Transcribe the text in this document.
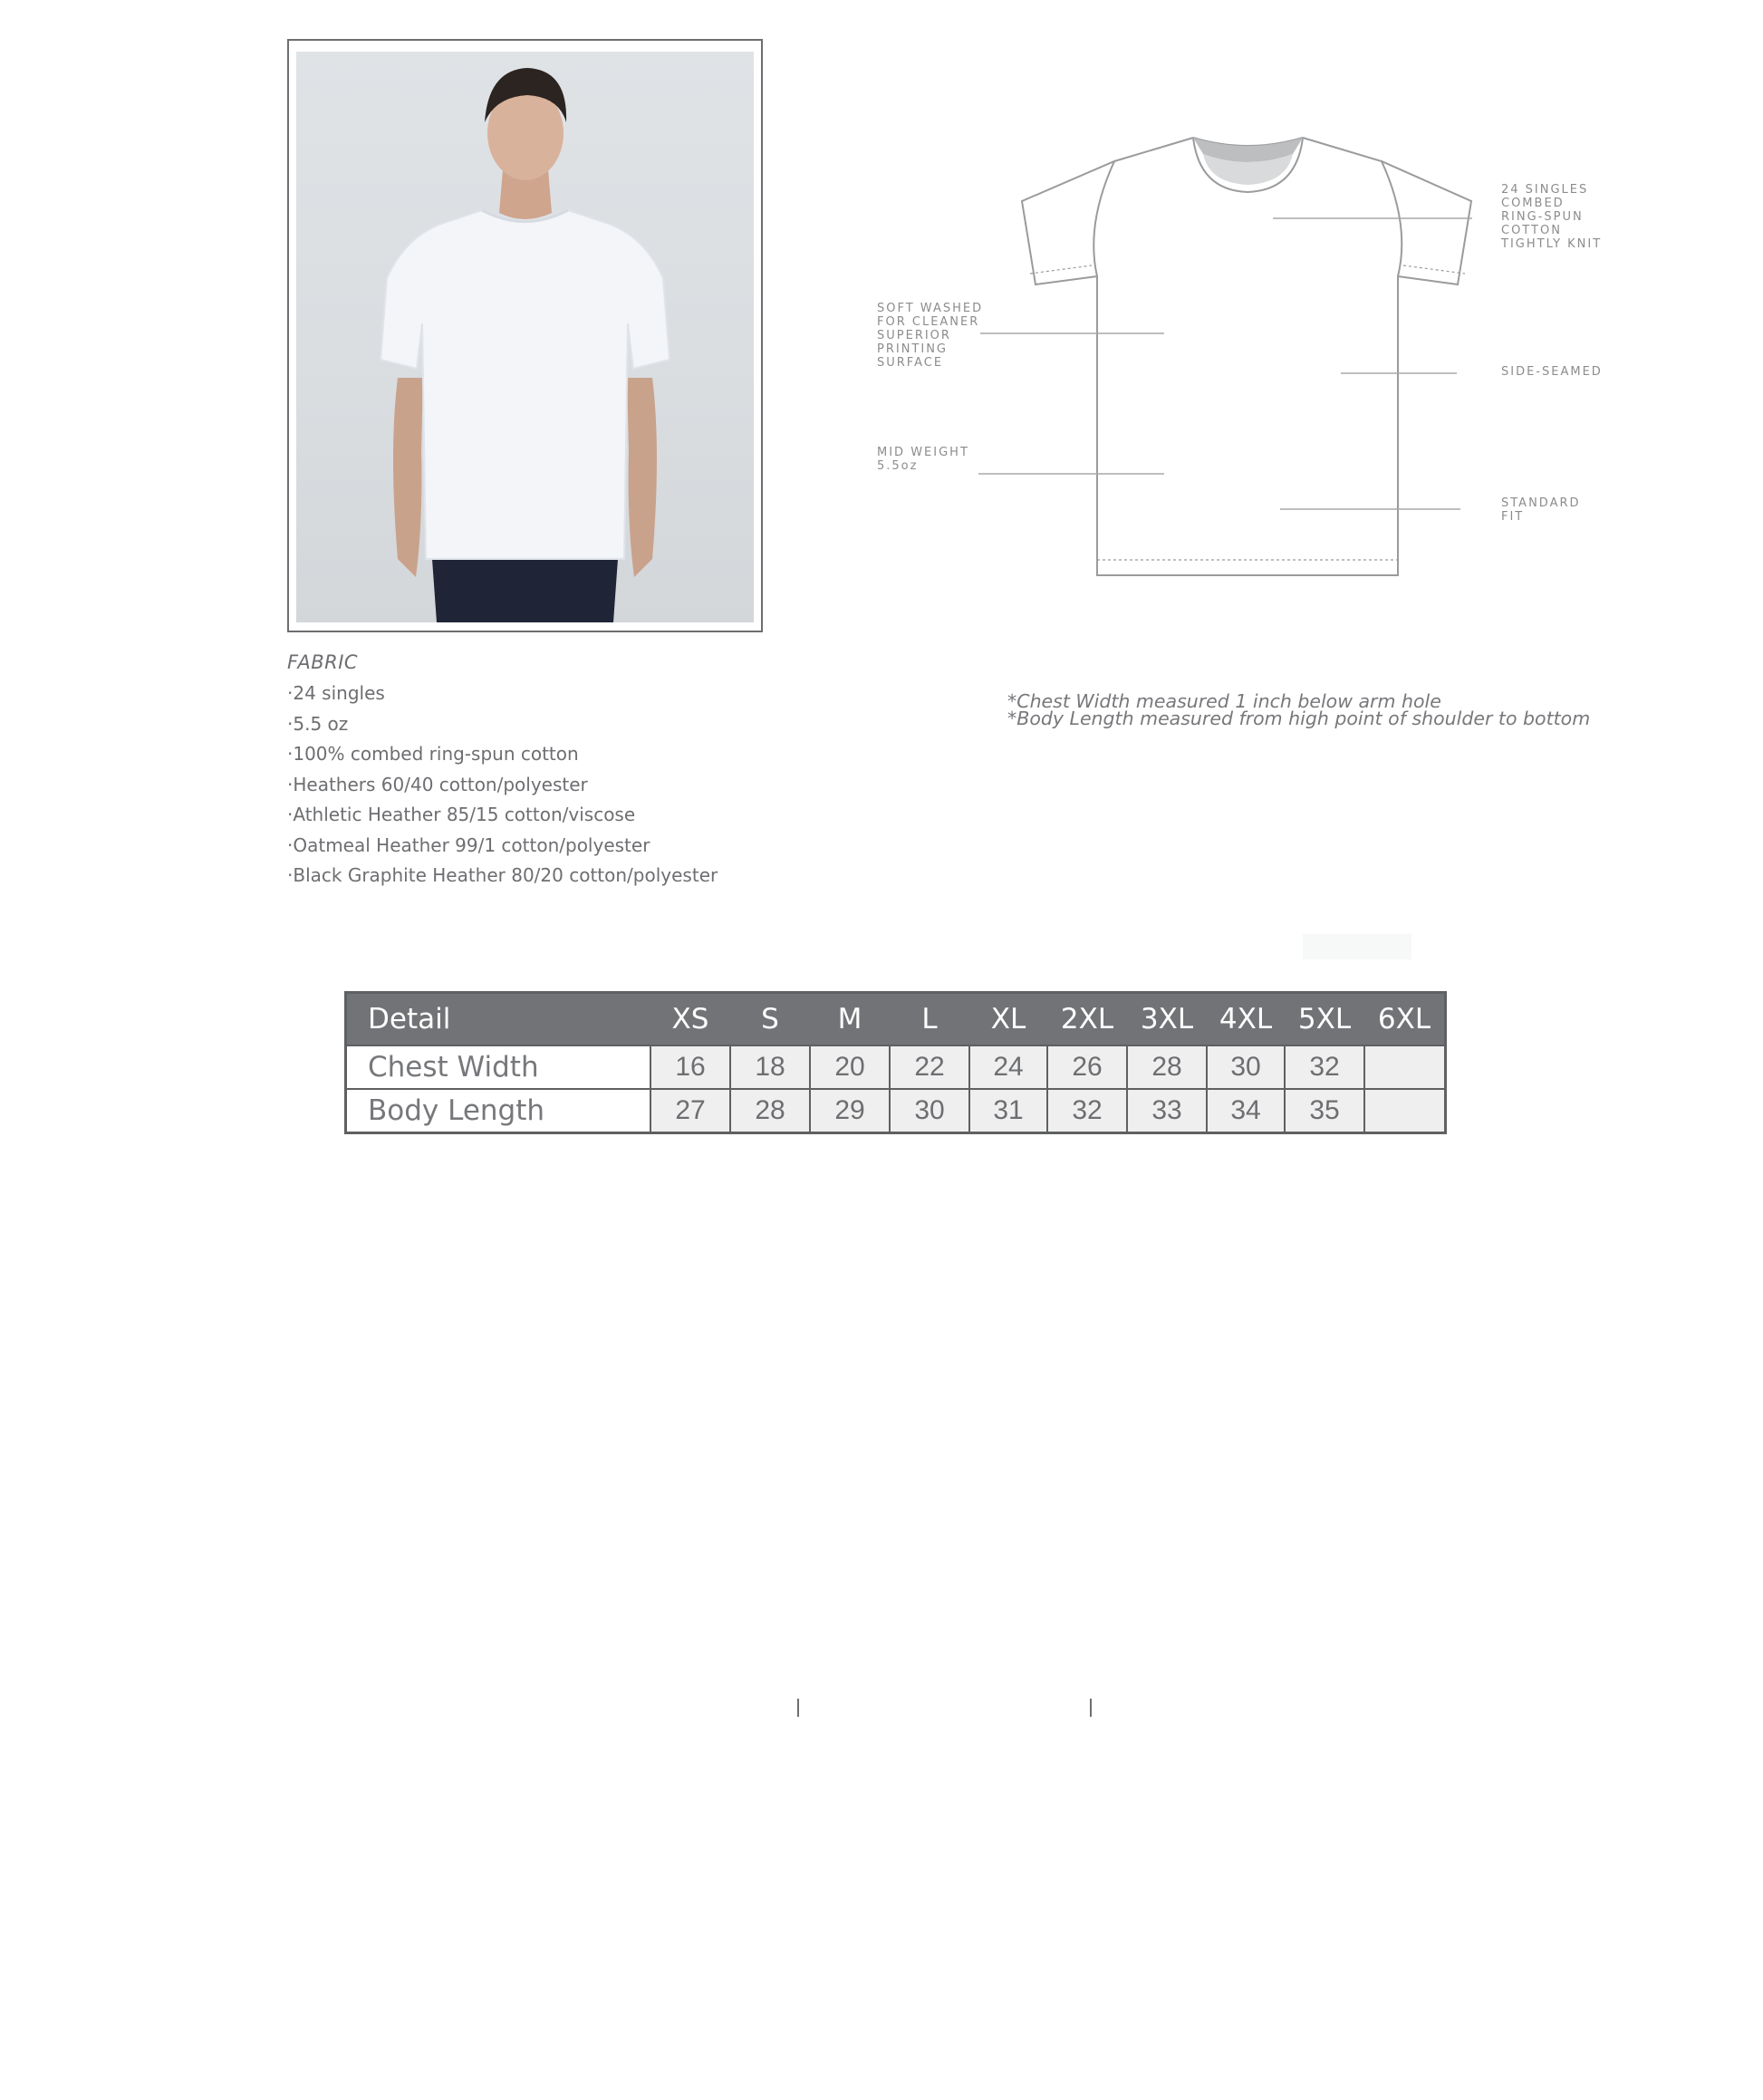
FABRIC

·24 singles
·5.5 oz
·100% combed ring-spun cotton
·Heathers 60/40 cotton/polyester
·Athletic Heather 85/15 cotton/viscose
·Oatmeal Heather 99/1 cotton/polyester
·Black Graphite Heather 80/20 cotton/polyester
24 SINGLES
COMBED
RING-SPUN
COTTON
TIGHTLY KNIT
SOFT WASHED
FOR CLEANER
SUPERIOR
PRINTING
SURFACE
SIDE-SEAMED
MID WEIGHT
5.5oz
STANDARD
FIT
*Chest Width measured 1 inch below arm hole
*Body Length measured from high point of shoulder to bottom
Detail	XS	S	M	L	XL	2XL	3XL	4XL	5XL	6XL
Chest Width	16	18	20	22	24	26	28	30	32	
Body Length	27	28	29	30	31	32	33	34	35	
